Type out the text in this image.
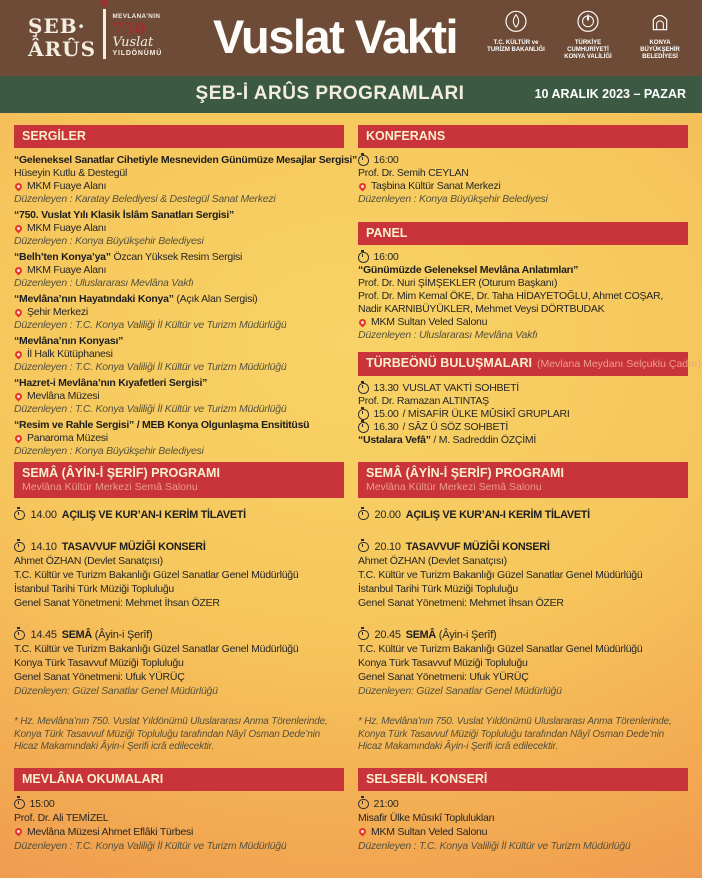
ŞEB·
ÂRÛS
MEVLANA’NIN
750
Vuslat
YILDÖNÜMÜ	Vuslat Vakti	T.C. KÜLTÜR ve
TURİZM BAKANLIĞI
TÜRKİYE CUMHURİYETİ
KONYA VALİLİĞİ
KONYA
BÜYÜKŞEHİR BELEDİYESİ
ŞEB-İ ARÛS PROGRAMLARI	10 ARALIK 2023 – PAZAR
SERGİLER
“Geleneksel Sanatlar Cihetiyle Mesneviden Günümüze Mesajlar Sergisi”
Hüseyin Kutlu & Destegül
MKM Fuaye Alanı
Düzenleyen : Karatay Belediyesi & Destegül Sanat Merkezi
“750. Vuslat Yılı Klasik İslâm Sanatları Sergisi”
MKM Fuaye Alanı
Düzenleyen : Konya Büyükşehir Belediyesi
“Belh’ten Konya’ya” Özcan Yüksek Resim Sergisi
MKM Fuaye Alanı
Düzenleyen : Uluslararası Mevlâna Vakfı
“Mevlâna’nın Hayatındaki Konya” (Açık Alan Sergisi)
Şehir Merkezi
Düzenleyen : T.C. Konya Valiliği İl Kültür ve Turizm Müdürlüğü
“Mevlâna’nın Konyası”
İl Halk Kütüphanesi
Düzenleyen : T.C. Konya Valiliği İl Kültür ve Turizm Müdürlüğü
“Hazret-i Mevlâna’nın Kıyafetleri Sergisi”
Mevlâna Müzesi
Düzenleyen : T.C. Konya Valiliği İl Kültür ve Turizm Müdürlüğü
“Resim ve Rahle Sergisi” / MEB Konya Olgunlaşma Ensititüsü
Panaroma Müzesi
Düzenleyen : Konya Büyükşehir Belediyesi
SEMÂ (ÂYİN-İ ŞERİF) PROGRAMI
Mevlâna Kültür Merkezi Semâ Salonu
14.00 AÇILIŞ VE KUR’AN-I KERİM TİLAVETİ
14.10 TASAVVUF MÜZİĞİ KONSERİ
Ahmet ÖZHAN (Devlet Sanatçısı)
T.C. Kültür ve Turizm Bakanlığı Güzel Sanatlar Genel Müdürlüğü
İstanbul Tarihi Türk Müziği Topluluğu
Genel Sanat Yönetmeni: Mehmet İhsan ÖZER
14.45 SEMÂ (Âyin-i Şerîf)
T.C. Kültür ve Turizm Bakanlığı Güzel Sanatlar Genel Müdürlüğü
Konya Türk Tasavvuf Müziği Topluluğu
Genel Sanat Yönetmeni: Ufuk YÜRÜÇ
Düzenleyen: Güzel Sanatlar Genel Müdürlüğü
* Hz. Mevlâna’nın 750. Vuslat Yıldönümü Uluslararası Anma Törenlerinde, Konya Türk Tasavvuf Müziği Topluluğu tarafından Nâyî Osman Dede’nin Hicaz Makamındaki Âyin-i Şerifi icrâ edilecektir.
MEVLÂNA OKUMALARI
15:00
Prof. Dr. Ali TEMİZEL
Mevlâna Müzesi Ahmet Eflâki Türbesi
Düzenleyen : T.C. Konya Valiliği İl Kültür ve Turizm Müdürlüğü
KONFERANS
16:00
Prof. Dr. Semih CEYLAN
Taşbina Kültür Sanat Merkezi
Düzenleyen : Konya Büyükşehir Belediyesi
PANEL
16:00
“Günümüzde Geleneksel Mevlâna Anlatımları”
Prof. Dr. Nuri ŞİMŞEKLER (Oturum Başkanı)
Prof. Dr. Mim Kemal ÖKE, Dr. Taha HİDAYETOĞLU, Ahmet COŞAR,
Nadir KARNIBÜYÜKLER, Mehmet Veysi DÖRTBUDAK
MKM Sultan Veled Salonu
Düzenleyen : Uluslararası Mevlâna Vakfı
TÜRBEÖNÜ BULUŞMALARI (Mevlana Meydanı Selçuklu Çadırı)
13.30 VUSLAT VAKTİ SOHBETİ
Prof. Dr. Ramazan ALTINTAŞ
15.00 / MİSAFİR ÜLKE MÛSİKÎ GRUPLARI
16.30 / SÂZ Ü SÖZ SOHBETİ
“Ustalara Vefâ” / M. Sadreddin ÖZÇİMİ
SEMÂ (ÂYİN-İ ŞERİF) PROGRAMI
Mevlâna Kültür Merkezi Semâ Salonu
20.00 AÇILIŞ VE KUR’AN-I KERİM TİLAVETİ
20.10 TASAVVUF MÜZİĞİ KONSERİ
Ahmet ÖZHAN (Devlet Sanatçısı)
T.C. Kültür ve Turizm Bakanlığı Güzel Sanatlar Genel Müdürlüğü
İstanbul Tarihi Türk Müziği Topluluğu
Genel Sanat Yönetmeni: Mehmet İhsan ÖZER
20.45 SEMÂ (Âyin-i Şerîf)
T.C. Kültür ve Turizm Bakanlığı Güzel Sanatlar Genel Müdürlüğü
Konya Türk Tasavvuf Müziği Topluluğu
Genel Sanat Yönetmeni: Ufuk YÜRÜÇ
Düzenleyen: Güzel Sanatlar Genel Müdürlüğü
* Hz. Mevlâna’nın 750. Vuslat Yıldönümü Uluslararası Anma Törenlerinde, Konya Türk Tasavvuf Müziği Topluluğu tarafından Nâyî Osman Dede’nin Hicaz Makamındaki Âyin-i Şerifi icrâ edilecektir.
SELSEBİL KONSERİ
21:00
Misafir Ülke Mûsıkî Toplulukları
MKM Sultan Veled Salonu
Düzenleyen : T.C. Konya Valiliği İl Kültür ve Turizm Müdürlüğü
